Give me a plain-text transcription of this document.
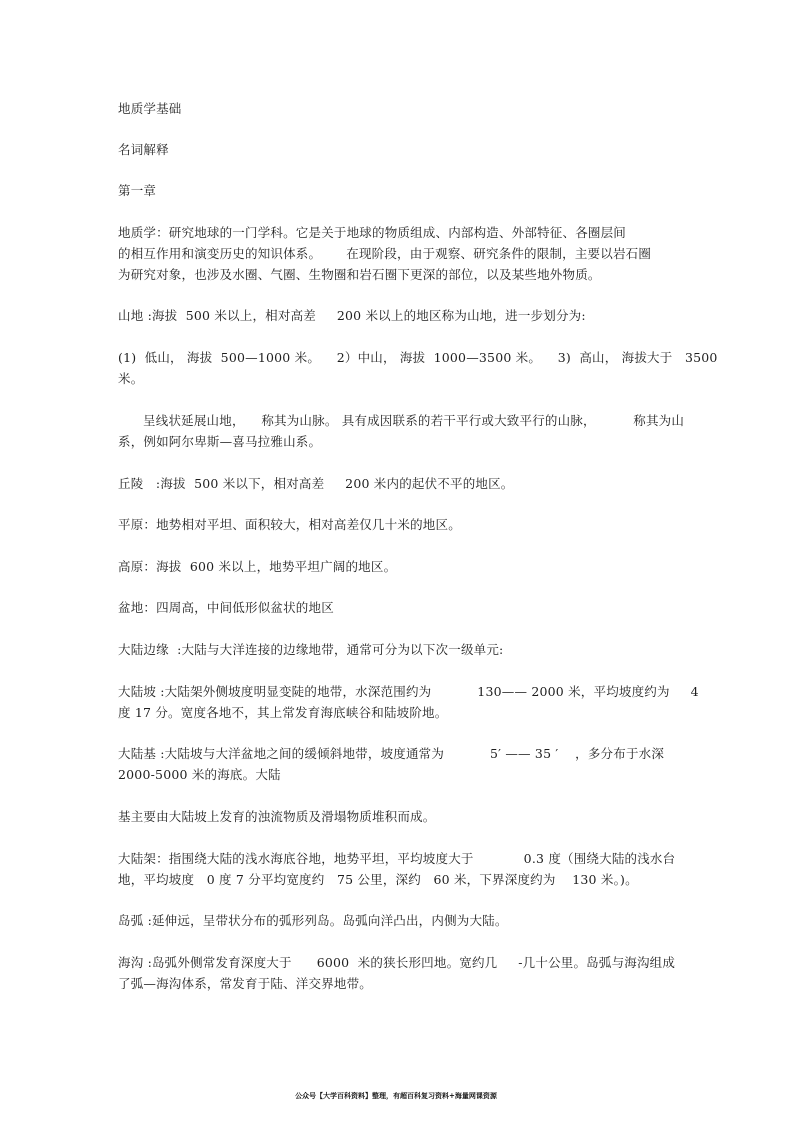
地质学基础
名词解释
第一章
地质学：研究地球的一门学科。它是关于地球的物质组成、内部构造、外部特征、各圈层间
的相互作用和演变历史的知识体系。      在现阶段，由于观察、研究条件的限制，主要以岩石圈
为研究对象，也涉及水圈、气圈、生物圈和岩石圈下更深的部位，以及某些地外物质。
山地 :海拔  500 米以上，相对高差     200 米以上的地区称为山地，进一步划分为:
(1)  低山， 海拔  500—1000 米。    2）中山， 海拔  1000—3500 米。    3)  高山， 海拔大于   3500
米。
呈线状延展山地，    称其为山脉。 具有成因联系的若干平行或大致平行的山脉，         称其为山
系，例如阿尔卑斯—喜马拉雅山系。
丘陵   :海拔  500 米以下，相对高差     200 米内的起伏不平的地区。
平原：地势相对平坦、面积较大，相对高差仅几十米的地区。
高原：海拔  600 米以上，地势平坦广阔的地区。
盆地：四周高，中间低形似盆状的地区
大陆边缘  :大陆与大洋连接的边缘地带，通常可分为以下次一级单元:
大陆坡 :大陆架外侧坡度明显变陡的地带，水深范围约为           130—— 2000 米，平均坡度约为     4
度 17 分。宽度各地不，其上常发育海底峡谷和陆坡阶地。
大陆基 :大陆坡与大洋盆地之间的缓倾斜地带，坡度通常为           5′ —— 35 ′    ，多分布于水深
2000-5000 米的海底。大陆
基主要由大陆坡上发育的浊流物质及滑塌物质堆积而成。
大陆架：指围绕大陆的浅水海底谷地，地势平坦，平均坡度大于            0.3 度（围绕大陆的浅水台
地，平均坡度   0 度 7 分平均宽度约   75 公里，深约   60 米，下界深度约为    130 米。)。
岛弧 :延伸远，呈带状分布的弧形列岛。岛弧向洋凸出，内侧为大陆。
海沟 :岛弧外侧常发育深度大于      6000  米的狭长形凹地。宽约几     -几十公里。岛弧与海沟组成
了弧—海沟体系，常发育于陆、洋交界地带。
公众号【大学百科资料】整理，有超百科复习资料+海量网课资源
